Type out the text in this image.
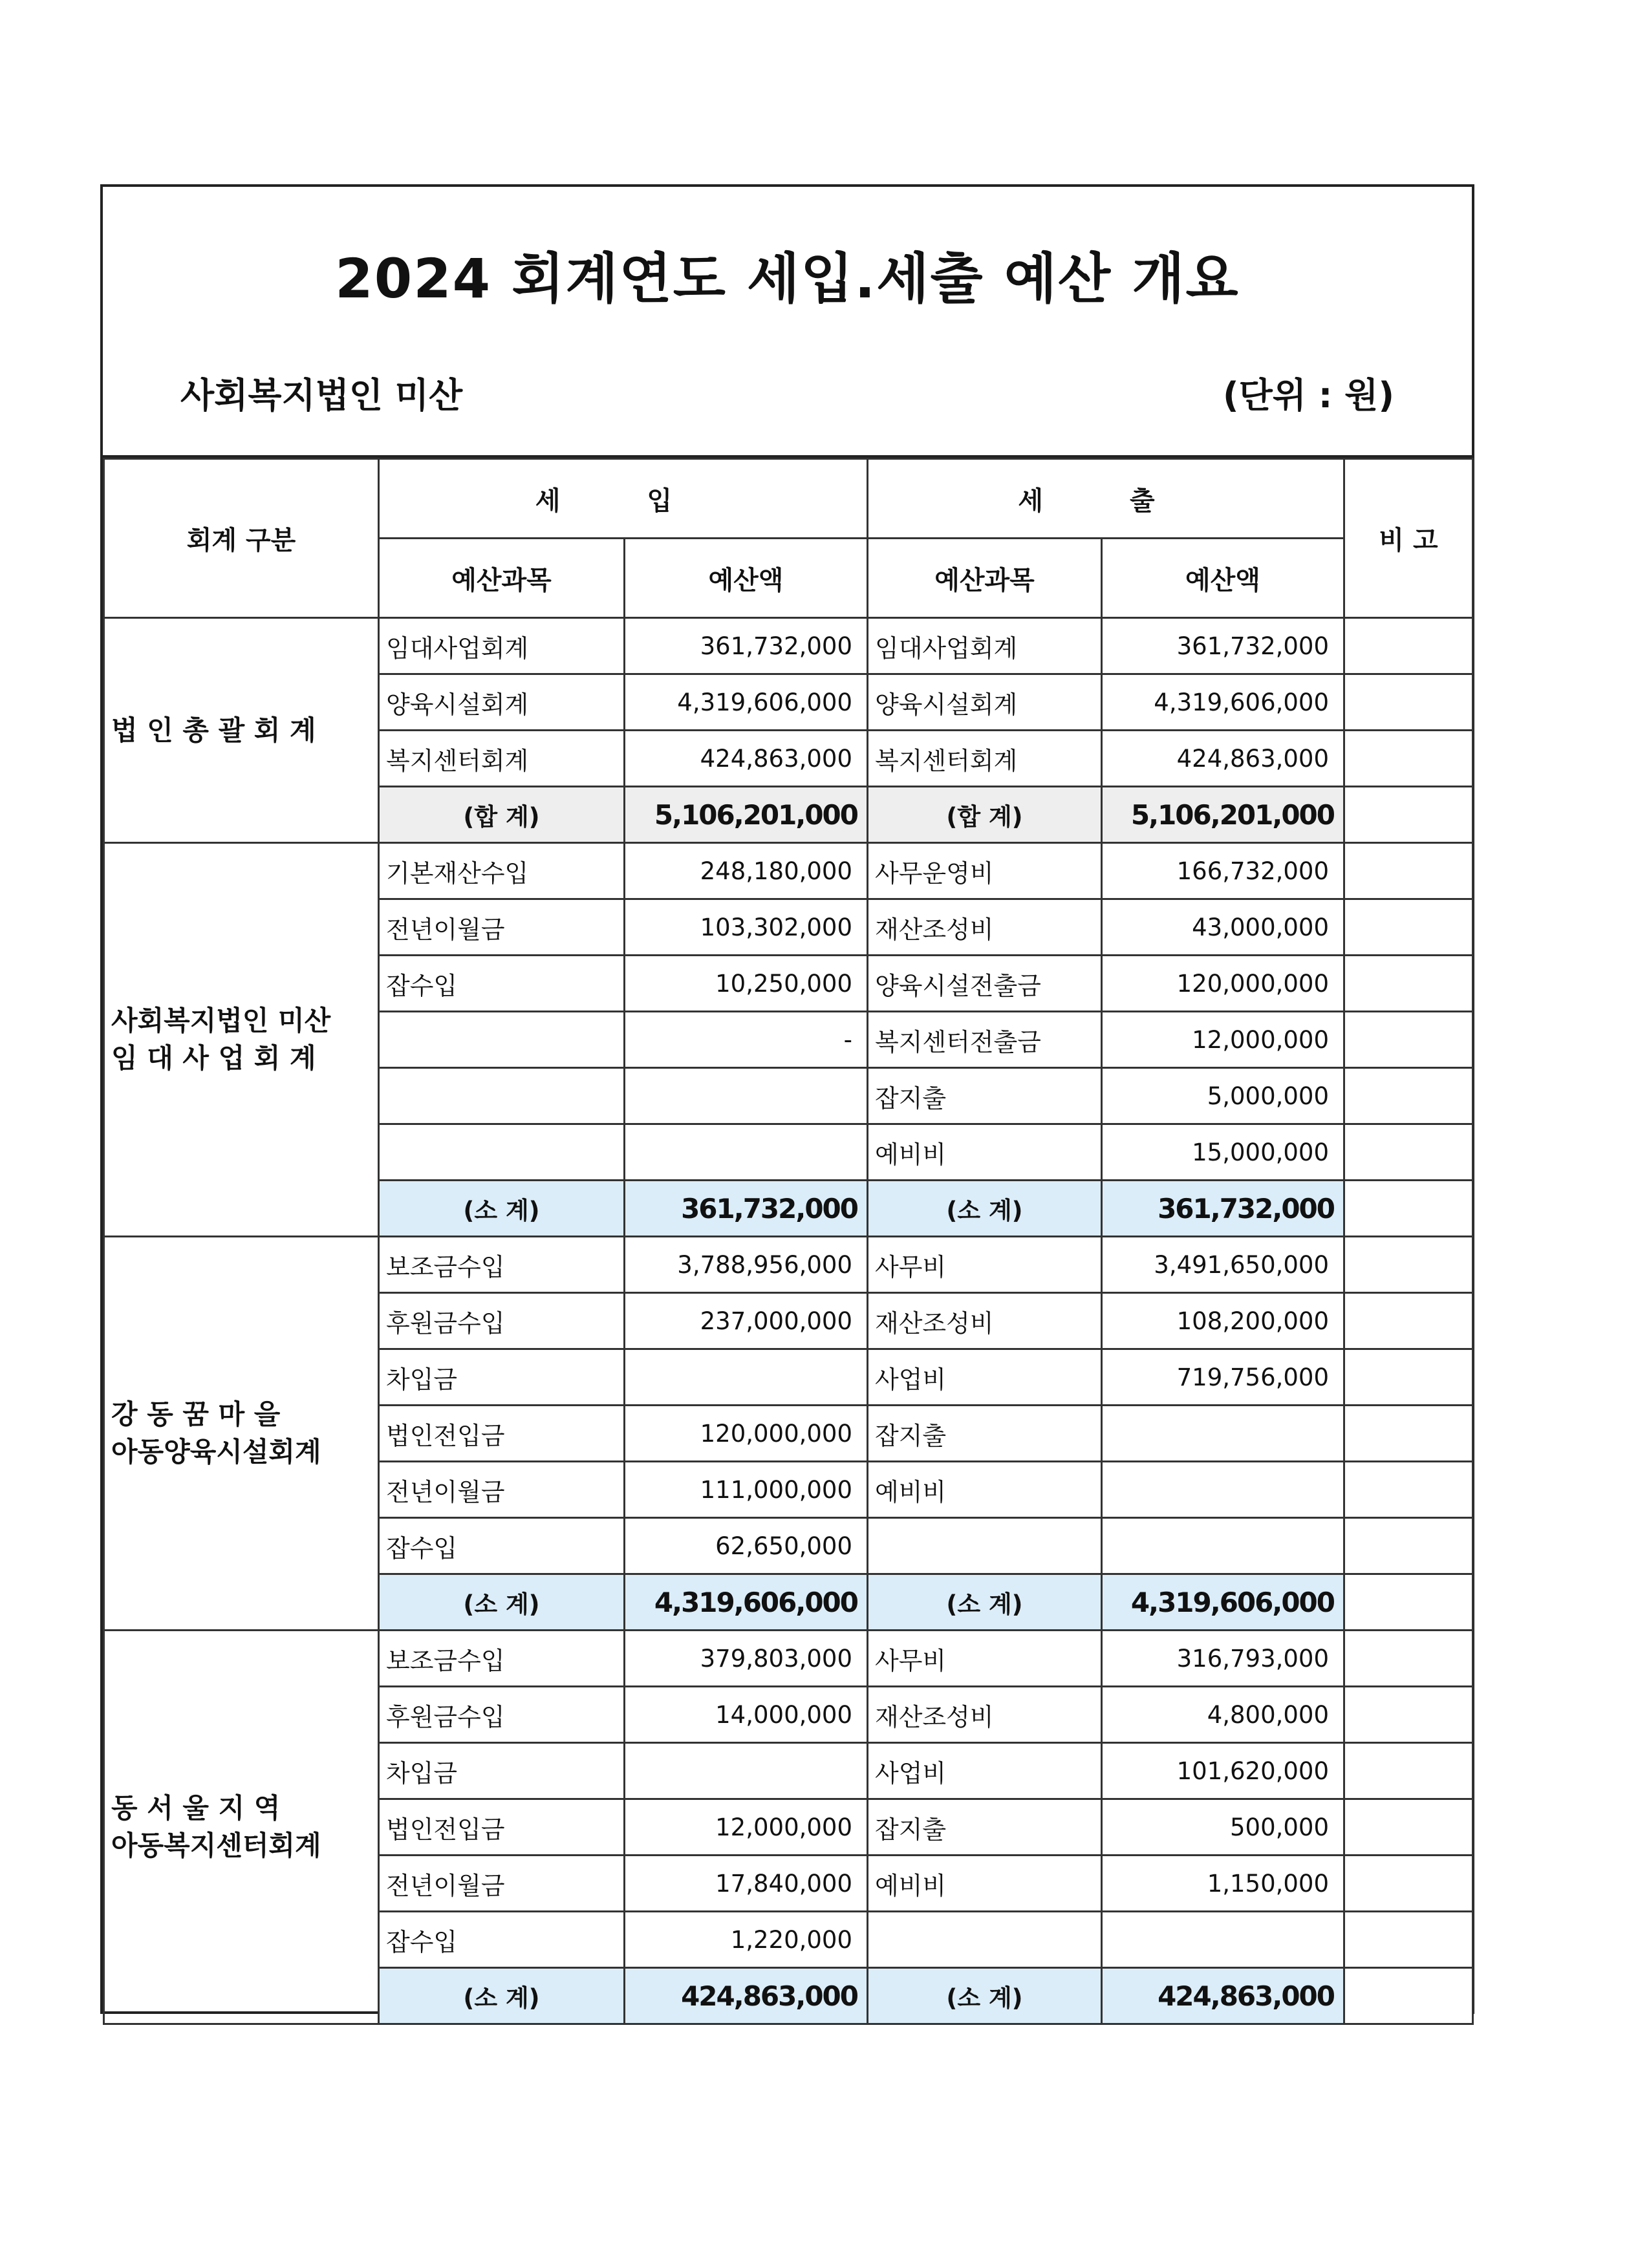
2024 회계연도 세입.세출 예산 개요
사회복지법인 미산	(단위 : 원)
회계 구분	세 입		세 출		비 고
	예산과목	예산액	예산과목	예산액	

법 인 총 괄 회 계	임대사업회계	361,732,000	임대사업회계	361,732,000	
	양육시설회계	4,319,606,000	양육시설회계	4,319,606,000	
	복지센터회계	424,863,000	복지센터회계	424,863,000	
	(합 계)	5,106,201,000	(합 계)	5,106,201,000	

사회복지법인 미산
임 대 사 업 회 계	기본재산수입	248,180,000	사무운영비	166,732,000	
	전년이월금	103,302,000	재산조성비	43,000,000	
	잡수입	10,250,000	양육시설전출금	120,000,000	
		-	복지센터전출금	12,000,000	
			잡지출	5,000,000	
			예비비	15,000,000	
	(소 계)	361,732,000	(소 계)	361,732,000	

강 동 꿈 마 을
아동양육시설회계	보조금수입	3,788,956,000	사무비	3,491,650,000	
	후원금수입	237,000,000	재산조성비	108,200,000	
	차입금		사업비	719,756,000	
	법인전입금	120,000,000	잡지출		
	전년이월금	111,000,000	예비비		
	잡수입	62,650,000			
	(소 계)	4,319,606,000	(소 계)	4,319,606,000	

동 서 울 지 역
아동복지센터회계	보조금수입	379,803,000	사무비	316,793,000	
	후원금수입	14,000,000	재산조성비	4,800,000	
	차입금		사업비	101,620,000	
	법인전입금	12,000,000	잡지출	500,000	
	전년이월금	17,840,000	예비비	1,150,000	
	잡수입	1,220,000			
	(소 계)	424,863,000	(소 계)	424,863,000	
